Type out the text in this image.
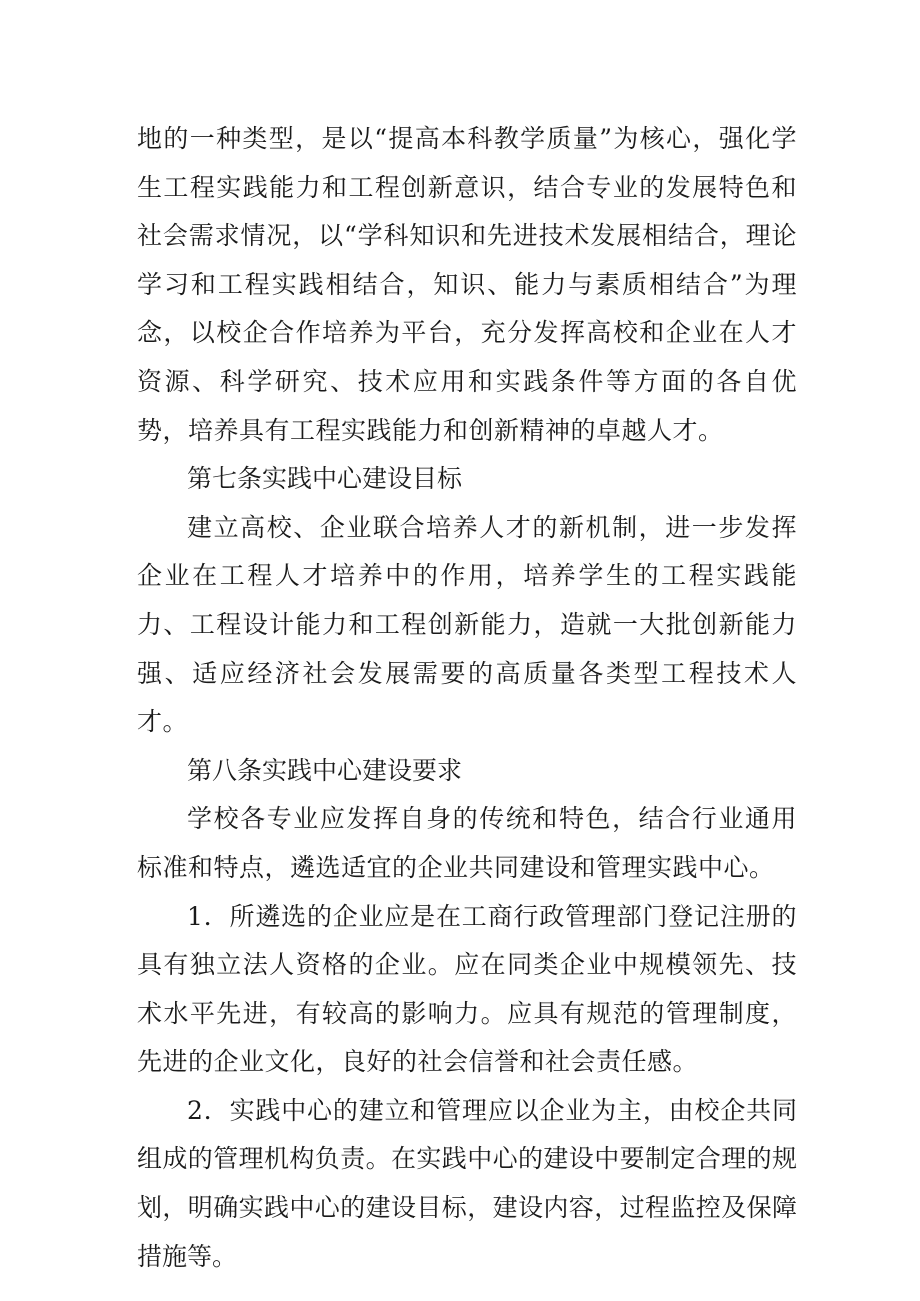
地的一种类型，是以“提高本科教学质量”为核心，强化学生工程实践能力和工程创新意识，结合专业的发展特色和社会需求情况，以“学科知识和先进技术发展相结合，理论学习和工程实践相结合，知识、能力与素质相结合”为理念，以校企合作培养为平台，充分发挥高校和企业在人才资源、科学研究、技术应用和实践条件等方面的各自优势，培养具有工程实践能力和创新精神的卓越人才。

第七条实践中心建设目标

建立高校、企业联合培养人才的新机制，进一步发挥企业在工程人才培养中的作用，培养学生的工程实践能力、工程设计能力和工程创新能力，造就一大批创新能力强、适应经济社会发展需要的高质量各类型工程技术人才。

第八条实践中心建设要求

学校各专业应发挥自身的传统和特色，结合行业通用标准和特点，遴选适宜的企业共同建设和管理实践中心。

1．所遴选的企业应是在工商行政管理部门登记注册的具有独立法人资格的企业。应在同类企业中规模领先、技术水平先进，有较高的影响力。应具有规范的管理制度，先进的企业文化，良好的社会信誉和社会责任感。

2．实践中心的建立和管理应以企业为主，由校企共同组成的管理机构负责。在实践中心的建设中要制定合理的规划，明确实践中心的建设目标，建设内容，过程监控及保障措施等。
